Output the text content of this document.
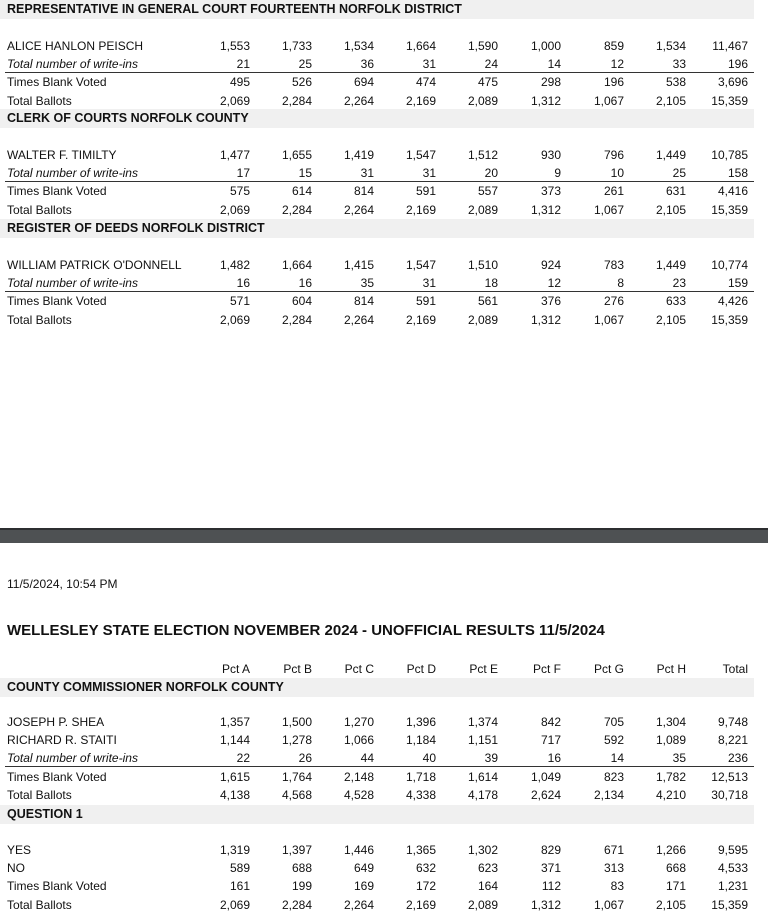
REPRESENTATIVE IN GENERAL COURT FOURTEENTH NORFOLK DISTRICT
ALICE HANLON PEISCH	1,553	1,733	1,534	1,664	1,590	1,000	859	1,534	11,467
Total number of write-ins	21	25	36	31	24	14	12	33	196
Times Blank Voted	495	526	694	474	475	298	196	538	3,696
Total Ballots	2,069	2,284	2,264	2,169	2,089	1,312	1,067	2,105	15,359
CLERK OF COURTS NORFOLK COUNTY
WALTER F. TIMILTY	1,477	1,655	1,419	1,547	1,512	930	796	1,449	10,785
Total number of write-ins	17	15	31	31	20	9	10	25	158
Times Blank Voted	575	614	814	591	557	373	261	631	4,416
Total Ballots	2,069	2,284	2,264	2,169	2,089	1,312	1,067	2,105	15,359
REGISTER OF DEEDS NORFOLK DISTRICT
WILLIAM PATRICK O'DONNELL	1,482	1,664	1,415	1,547	1,510	924	783	1,449	10,774
Total number of write-ins	16	16	35	31	18	12	8	23	159
Times Blank Voted	571	604	814	591	561	376	276	633	4,426
Total Ballots	2,069	2,284	2,264	2,169	2,089	1,312	1,067	2,105	15,359
11/5/2024, 10:54 PM
WELLESLEY STATE ELECTION NOVEMBER 2024 - UNOFFICIAL RESULTS 11/5/2024
Pct A	Pct B	Pct C	Pct D	Pct E	Pct F	Pct G	Pct H	Total
COUNTY COMMISSIONER NORFOLK COUNTY
JOSEPH P. SHEA	1,357	1,500	1,270	1,396	1,374	842	705	1,304	9,748
RICHARD R. STAITI	1,144	1,278	1,066	1,184	1,151	717	592	1,089	8,221
Total number of write-ins	22	26	44	40	39	16	14	35	236
Times Blank Voted	1,615	1,764	2,148	1,718	1,614	1,049	823	1,782	12,513
Total Ballots	4,138	4,568	4,528	4,338	4,178	2,624	2,134	4,210	30,718
QUESTION 1
YES	1,319	1,397	1,446	1,365	1,302	829	671	1,266	9,595
NO	589	688	649	632	623	371	313	668	4,533
Times Blank Voted	161	199	169	172	164	112	83	171	1,231
Total Ballots	2,069	2,284	2,264	2,169	2,089	1,312	1,067	2,105	15,359
